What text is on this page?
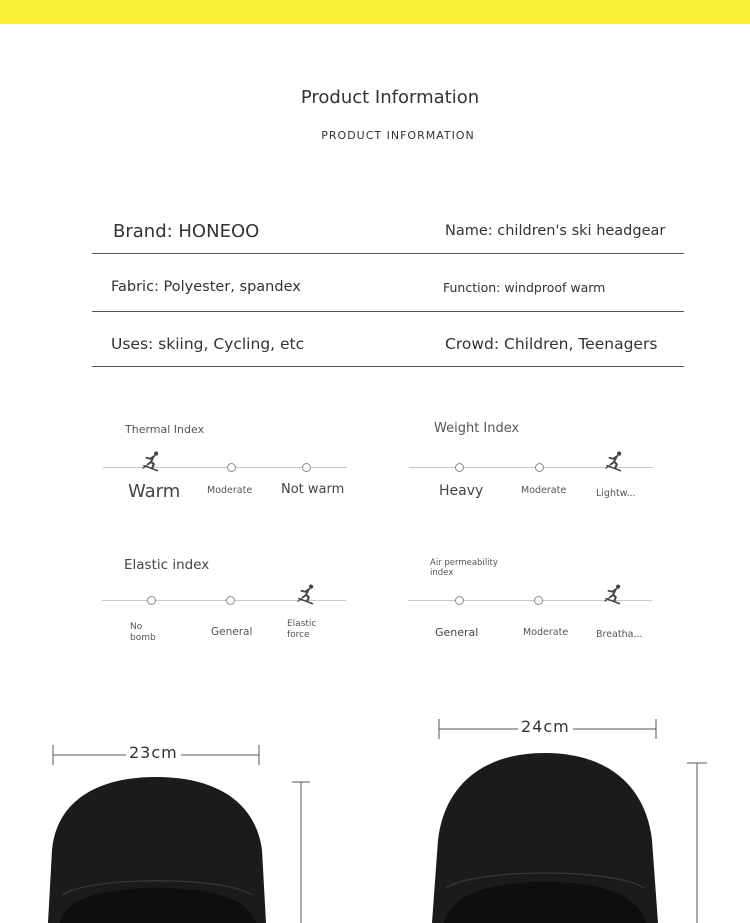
Product Information
PRODUCT INFORMATION
Brand: HONEOO	Name: children's ski headgear
Fabric: Polyester, spandex	Function: windproof warm
Uses: skiing, Cycling, etc	Crowd: Children, Teenagers
Thermal Index
Warm	Moderate Not warm
Weight Index
Heavy	Moderate	Lightw...
Elastic index
No bomb	General
Elastic force
Air permeability index
General	Moderate	Breatha...
23cm
24cm
